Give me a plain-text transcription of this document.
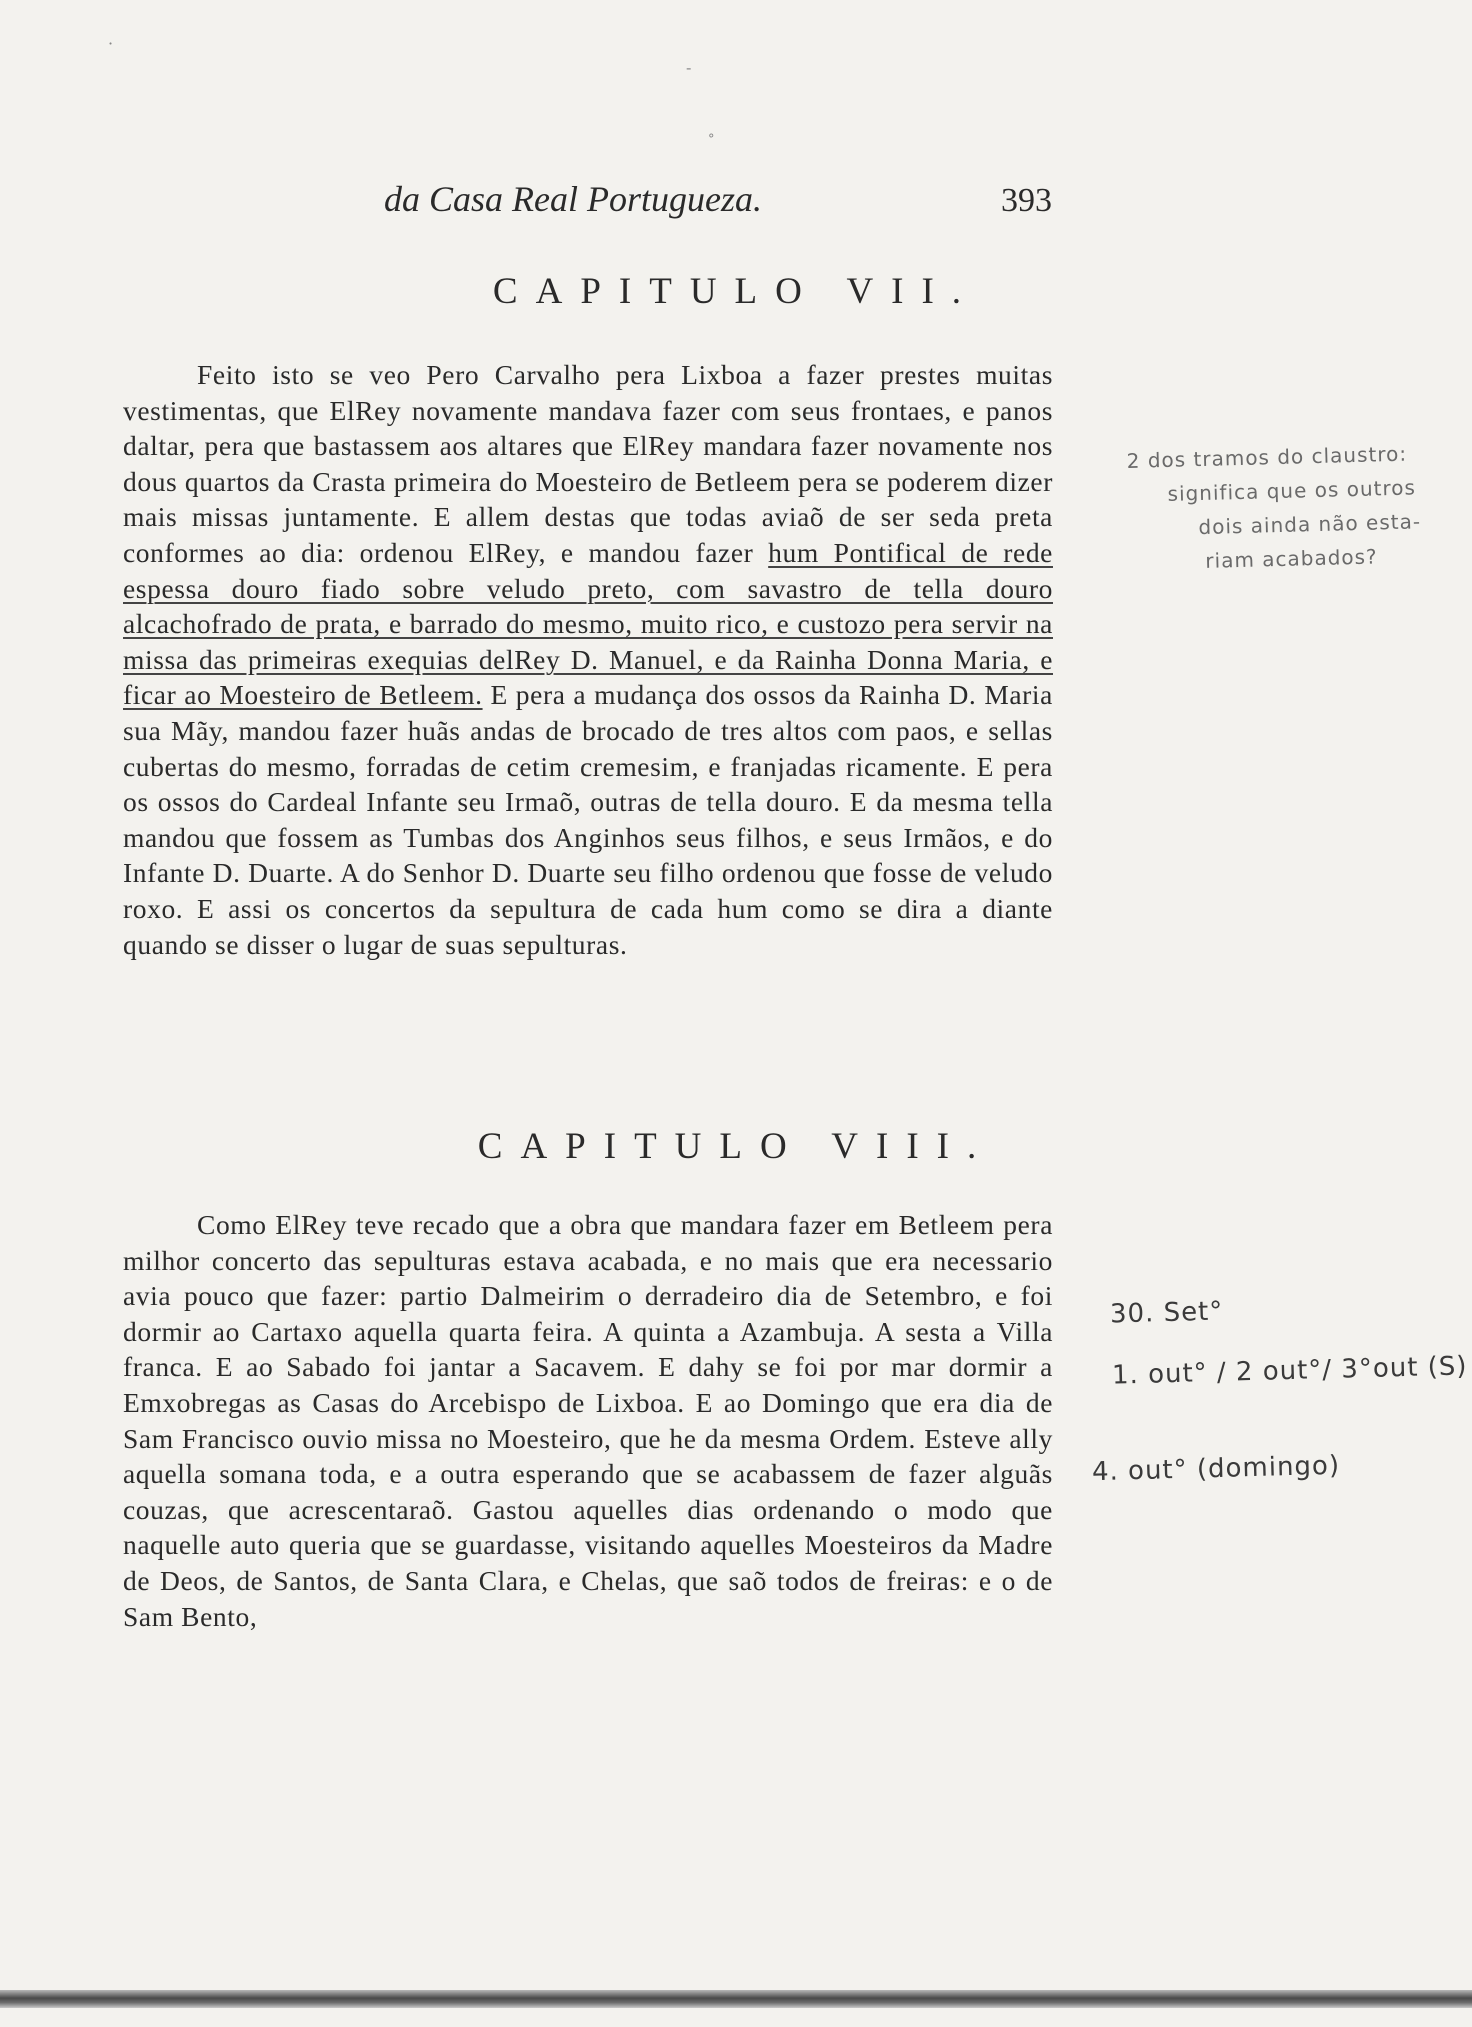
·
-
°
da Casa Real Portugueza.	393
CAPITULO VII.

Feito isto se veo Pero Carvalho pera Lixboa a fazer prestes muitas vestimentas, que ElRey novamente mandava fazer com seus frontaes, e panos daltar, pera que bastassem aos altares que ElRey mandara fazer novamente nos dous quartos da Crasta primeira do Moesteiro de Betleem pera se poderem dizer mais missas juntamente. E allem destas que todas aviaõ de ser seda preta conformes ao dia: ordenou ElRey, e mandou fazer hum Pontifical de rede espessa douro fiado sobre veludo preto, com savastro de tella douro alcachofrado de prata, e barrado do mesmo, muito rico, e custozo pera servir na missa das primeiras exequias delRey D. Manuel, e da Rainha Donna Maria, e ficar ao Moesteiro de Betleem. E pera a mudança dos ossos da Rainha D. Maria sua Mãy, mandou fazer huãs andas de brocado de tres altos com paos, e sellas cubertas do mesmo, forradas de cetim cremesim, e franjadas ricamente. E pera os ossos do Cardeal Infante seu Irmaõ, outras de tella douro. E da mesma tella mandou que fossem as Tumbas dos Anginhos seus filhos, e seus Irmãos, e do Infante D. Duarte. A do Senhor D. Duarte seu filho ordenou que fosse de veludo roxo. E assi os concertos da sepultura de cada hum como se dira a diante quando se disser o lugar de suas sepulturas.

CAPITULO VIII.

Como ElRey teve recado que a obra que mandara fazer em Betleem pera milhor concerto das sepulturas estava acabada, e no mais que era necessario avia pouco que fazer: partio Dalmeirim o derradeiro dia de Setembro, e foi dormir ao Cartaxo aquella quarta feira. A quinta a Azambuja. A sesta a Villa franca. E ao Sabado foi jantar a Sacavem. E dahy se foi por mar dormir a Emxobregas as Casas do Arcebispo de Lixboa. E ao Domingo que era dia de Sam Francisco ouvio missa no Moesteiro, que he da mesma Ordem. Esteve ally aquella somana toda, e a outra esperando que se acabassem de fazer alguãs couzas, que acrescentaraõ. Gastou aquelles dias ordenando o modo que naquelle auto queria que se guardasse, visitando aquelles Moesteiros da Madre de Deos, de Santos, de Santa Clara, e Chelas, que saõ todos de freiras: e o de Sam Bento,

2 dos tramos do claustro:
significa que os outros
dois ainda não esta-
riam acabados?
30. Set°
1. out° / 2 out°/ 3°out (S)
4. out° (domingo)
